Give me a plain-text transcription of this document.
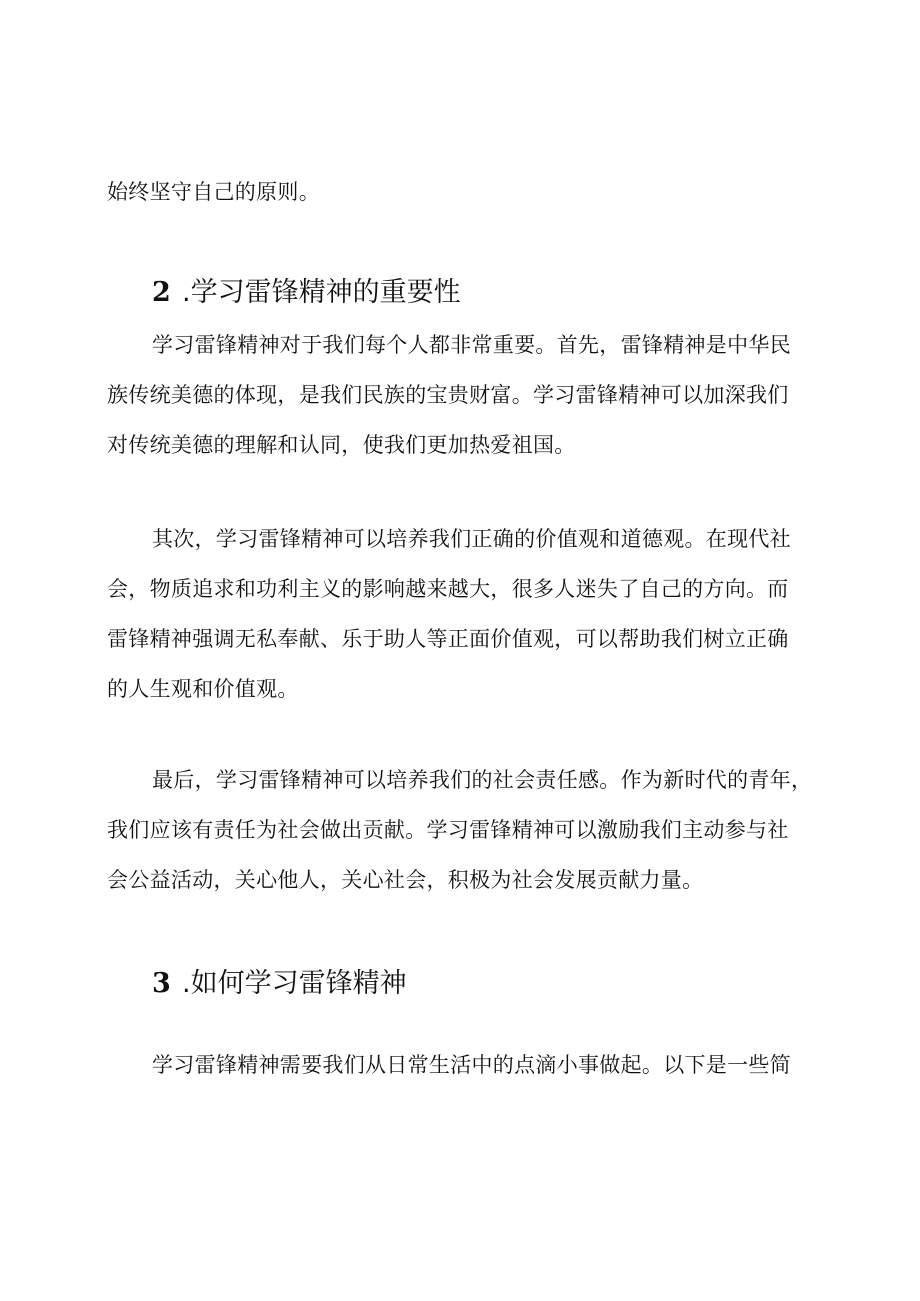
始终坚守自己的原则。
2 .学习雷锋精神的重要性
学习雷锋精神对于我们每个人都非常重要。首先，雷锋精神是中华民
族传统美德的体现，是我们民族的宝贵财富。学习雷锋精神可以加深我们
对传统美德的理解和认同，使我们更加热爱祖国。
其次，学习雷锋精神可以培养我们正确的价值观和道德观。在现代社
会，物质追求和功利主义的影响越来越大，很多人迷失了自己的方向。而
雷锋精神强调无私奉献、乐于助人等正面价值观，可以帮助我们树立正确
的人生观和价值观。
最后，学习雷锋精神可以培养我们的社会责任感。作为新时代的青年，
我们应该有责任为社会做出贡献。学习雷锋精神可以激励我们主动参与社
会公益活动，关心他人，关心社会，积极为社会发展贡献力量。
3 .如何学习雷锋精神
学习雷锋精神需要我们从日常生活中的点滴小事做起。以下是一些简
